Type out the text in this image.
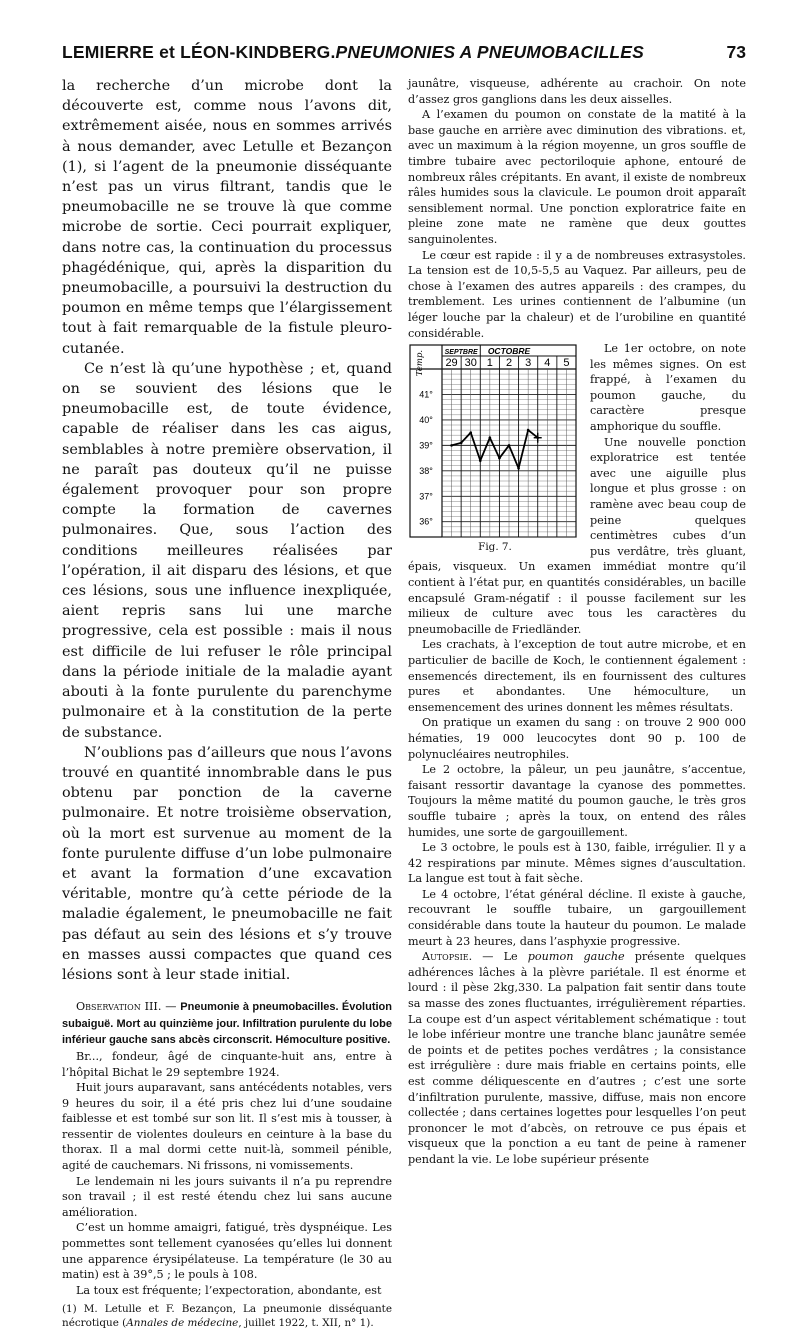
LEMIERRE et LÉON-KINDBERG.PNEUMONIES A PNEUMOBACILLES	73

la recherche d’un microbe dont la découverte est, comme nous l’avons dit, extrêmement aisée, nous en sommes arrivés à nous demander, avec Letulle et Bezançon (1), si l’agent de la pneumonie disséquante n’est pas un virus filtrant, tandis que le pneumobacille ne se trouve là que comme microbe de sortie. Ceci pourrait expliquer, dans notre cas, la continuation du processus phagédénique, qui, après la disparition du pneumobacille, a poursuivi la destruction du poumon en même temps que l’élargissement tout à fait remarquable de la fistule pleuro-cutanée.

Ce n’est là qu’une hypothèse ; et, quand on se souvient des lésions que le pneumobacille est, de toute évidence, capable de réaliser dans les cas aigus, semblables à notre première observation, il ne paraît pas douteux qu’il ne puisse également provoquer pour son propre compte la formation de cavernes pulmonaires. Que, sous l’action des conditions meilleures réalisées par l’opération, il ait disparu des lésions, et que ces lésions, sous une influence inexpliquée, aient repris sans lui une marche progressive, cela est possible : mais il nous est difficile de lui refuser le rôle principal dans la période initiale de la maladie ayant abouti à la fonte purulente du parenchyme pulmonaire et à la constitution de la perte de substance.

N’oublions pas d’ailleurs que nous l’avons trouvé en quantité innombrable dans le pus obtenu par ponction de la caverne pulmonaire. Et notre troisième observation, où la mort est survenue au moment de la fonte purulente diffuse d’un lobe pulmonaire et avant la formation d’une excavation véritable, montre qu’à cette période de la maladie également, le pneumobacille ne fait pas défaut au sein des lésions et s’y trouve en masses aussi compactes que quand ces lésions sont à leur stade initial.

Observation III. — Pneumonie à pneumobacilles. Évolution subaiguë. Mort au quinzième jour. Infiltration purulente du lobe inférieur gauche sans abcès circonscrit. Hémoculture positive.

Br..., fondeur, âgé de cinquante-huit ans, entre à l’hôpital Bichat le 29 septembre 1924.

Huit jours auparavant, sans antécédents notables, vers 9 heures du soir, il a été pris chez lui d’une soudaine faiblesse et est tombé sur son lit. Il s’est mis à tousser, à ressentir de violentes douleurs en ceinture à la base du thorax. Il a mal dormi cette nuit-là, sommeil pénible, agité de cauchemars. Ni frissons, ni vomissements.

Le lendemain ni les jours suivants il n’a pu reprendre son travail ; il est resté étendu chez lui sans aucune amélioration.

C’est un homme amaigri, fatigué, très dyspnéique. Les pommettes sont tellement cyanosées qu’elles lui donnent une apparence érysipélateuse. La température (le 30 au matin) est à 39°,5 ; le pouls à 108.

La toux est fréquente; l’expectoration, abondante, est

(1) M. Letulle et F. Bezançon, La pneumonie disséquante nécrotique (Annales de médecine, juillet 1922, t. XII, n° 1).

jaunâtre, visqueuse, adhérente au crachoir. On note d’assez gros ganglions dans les deux aisselles.

A l’examen du poumon on constate de la matité à la base gauche en arrière avec diminution des vibrations. et, avec un maximum à la région moyenne, un gros souffle de timbre tubaire avec pectoriloquie aphone, entouré de nombreux râles crépitants. En avant, il existe de nombreux râles humides sous la clavicule. Le poumon droit apparaît sensiblement normal. Une ponction exploratrice faite en pleine zone mate ne ramène que deux gouttes sanguinolentes.

Le cœur est rapide : il y a de nombreuses extrasystoles. La tension est de 10,5-5,5 au Vaquez. Par ailleurs, peu de chose à l’examen des autres appareils : des crampes, du tremblement. Les urines contiennent de l’albumine (un léger louche par la chaleur) et de l’urobiline en quantité considérable.

SEPTBRE OCTOBRE
29 30 1 2 3 4 5
Temp.
41°
40°
39°
38°
37°
36°
Fig. 7.

Le 1er octobre, on note les mêmes signes. On est frappé, à l’examen du poumon gauche, du caractère presque amphorique du souffle.

Une nouvelle ponction exploratrice est tentée avec une aiguille plus longue et plus grosse : on ramène avec beau coup de peine quelques centimètres cubes d’un pus verdâtre, très gluant, épais, visqueux. Un examen immédiat montre qu’il contient à l’état pur, en quantités considérables, un bacille encapsulé Gram-négatif : il pousse facilement sur les milieux de culture avec tous les caractères du pneumobacille de Friedländer.

Les crachats, à l’exception de tout autre microbe, et en particulier de bacille de Koch, le contiennent également : ensemencés directement, ils en fournissent des cultures pures et abondantes. Une hémoculture, un ensemencement des urines donnent les mêmes résultats.

On pratique un examen du sang : on trouve 2 900 000 hématies, 19 000 leucocytes dont 90 p. 100 de polynucléaires neutrophiles.

Le 2 octobre, la pâleur, un peu jaunâtre, s’accentue, faisant ressortir davantage la cyanose des pommettes. Toujours la même matité du poumon gauche, le très gros souffle tubaire ; après la toux, on entend des râles humides, une sorte de gargouillement.

Le 3 octobre, le pouls est à 130, faible, irrégulier. Il y a 42 respirations par minute. Mêmes signes d’auscultation. La langue est tout à fait sèche.

Le 4 octobre, l’état général décline. Il existe à gauche, recouvrant le souffle tubaire, un gargouillement considérable dans toute la hauteur du poumon. Le malade meurt à 23 heures, dans l’asphyxie progressive.

Autopsie. — Le poumon gauche présente quelques adhérences lâches à la plèvre pariétale. Il est énorme et lourd : il pèse 2kg,330. La palpation fait sentir dans toute sa masse des zones fluctuantes, irrégulièrement réparties. La coupe est d’un aspect véritablement schématique : tout le lobe inférieur montre une tranche blanc jaunâtre semée de points et de petites poches verdâtres ; la consistance est irrégulière : dure mais friable en certains points, elle est comme déliquescente en d’autres ; c’est une sorte d’infiltration purulente, massive, diffuse, mais non encore collectée ; dans certaines logettes pour lesquelles l’on peut prononcer le mot d’abcès, on retrouve ce pus épais et visqueux que la ponction a eu tant de peine à ramener pendant la vie. Le lobe supérieur présente
